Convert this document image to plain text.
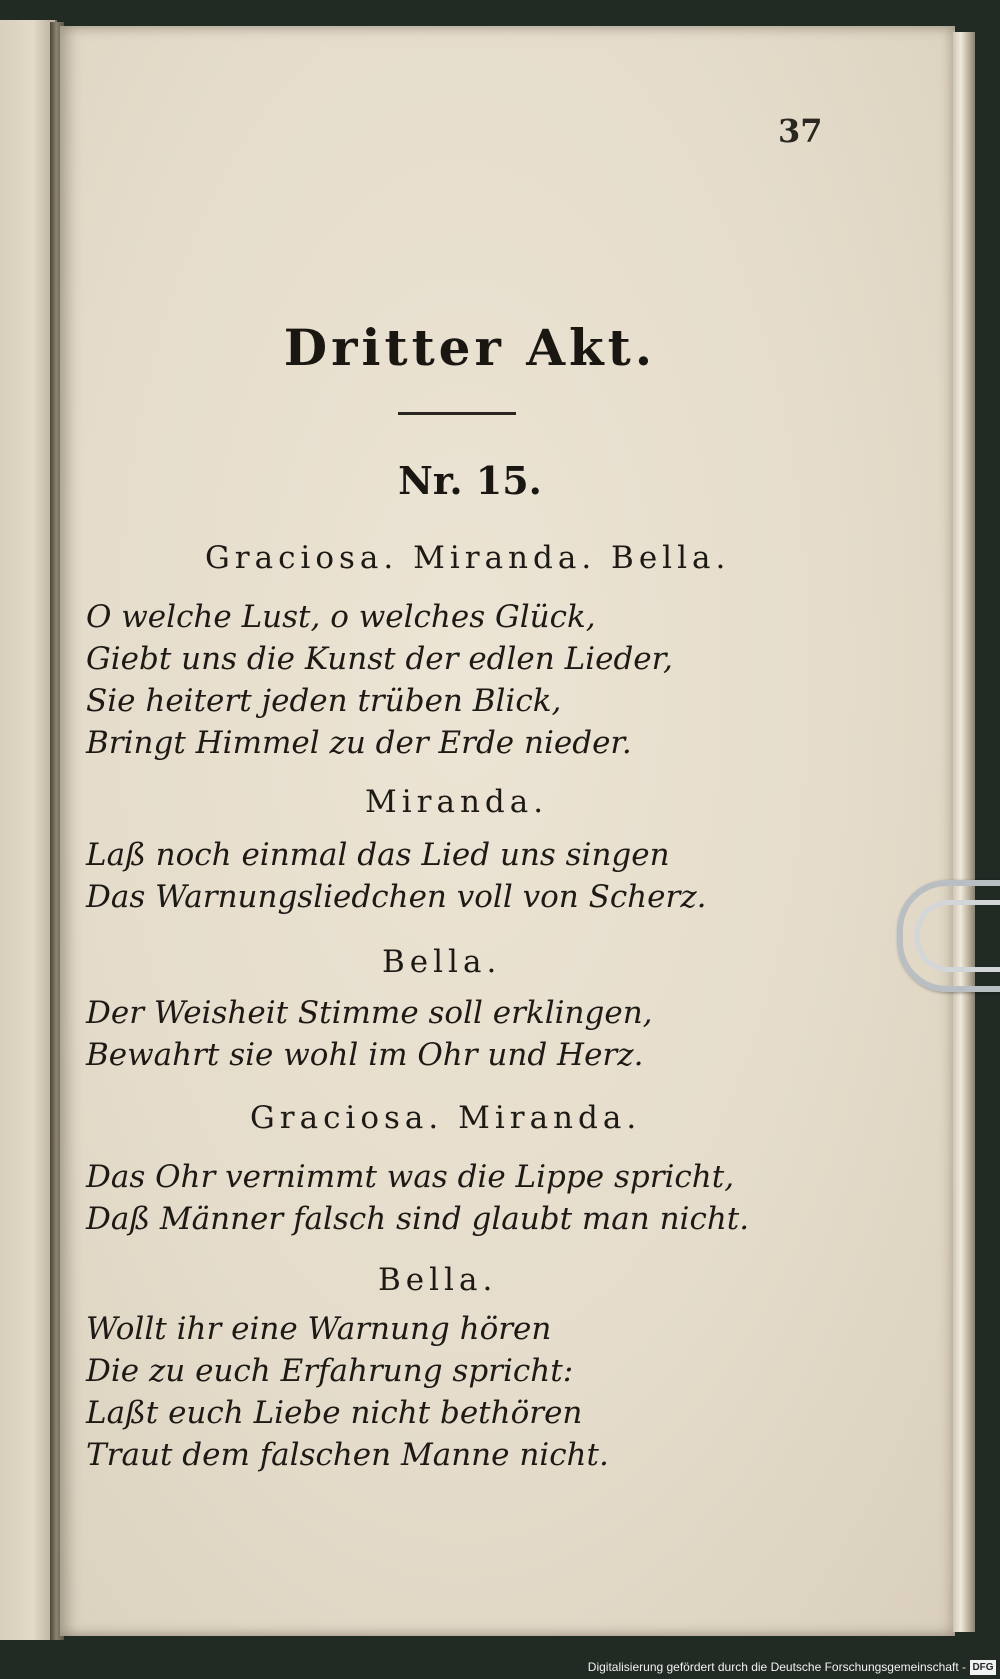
37
Dritter Akt.
Nr. 15.
Graciosa. Miranda. Bella.
O welche Lust, o welches Glück,
Giebt uns die Kunst der edlen Lieder,
Sie heitert jeden trüben Blick,
Bringt Himmel zu der Erde nieder.
Miranda.
Laß noch einmal das Lied uns singen
Das Warnungsliedchen voll von Scherz.
Bella.
Der Weisheit Stimme soll erklingen,
Bewahrt sie wohl im Ohr und Herz.
Graciosa. Miranda.
Das Ohr vernimmt was die Lippe spricht,
Daß Männer falsch sind glaubt man nicht.
Bella.
Wollt ihr eine Warnung hören
Die zu euch Erfahrung spricht:
Laßt euch Liebe nicht bethören
Traut dem falschen Manne nicht.
Digitalisierung gefördert durch die Deutsche Forschungsgemeinschaft - DFG
